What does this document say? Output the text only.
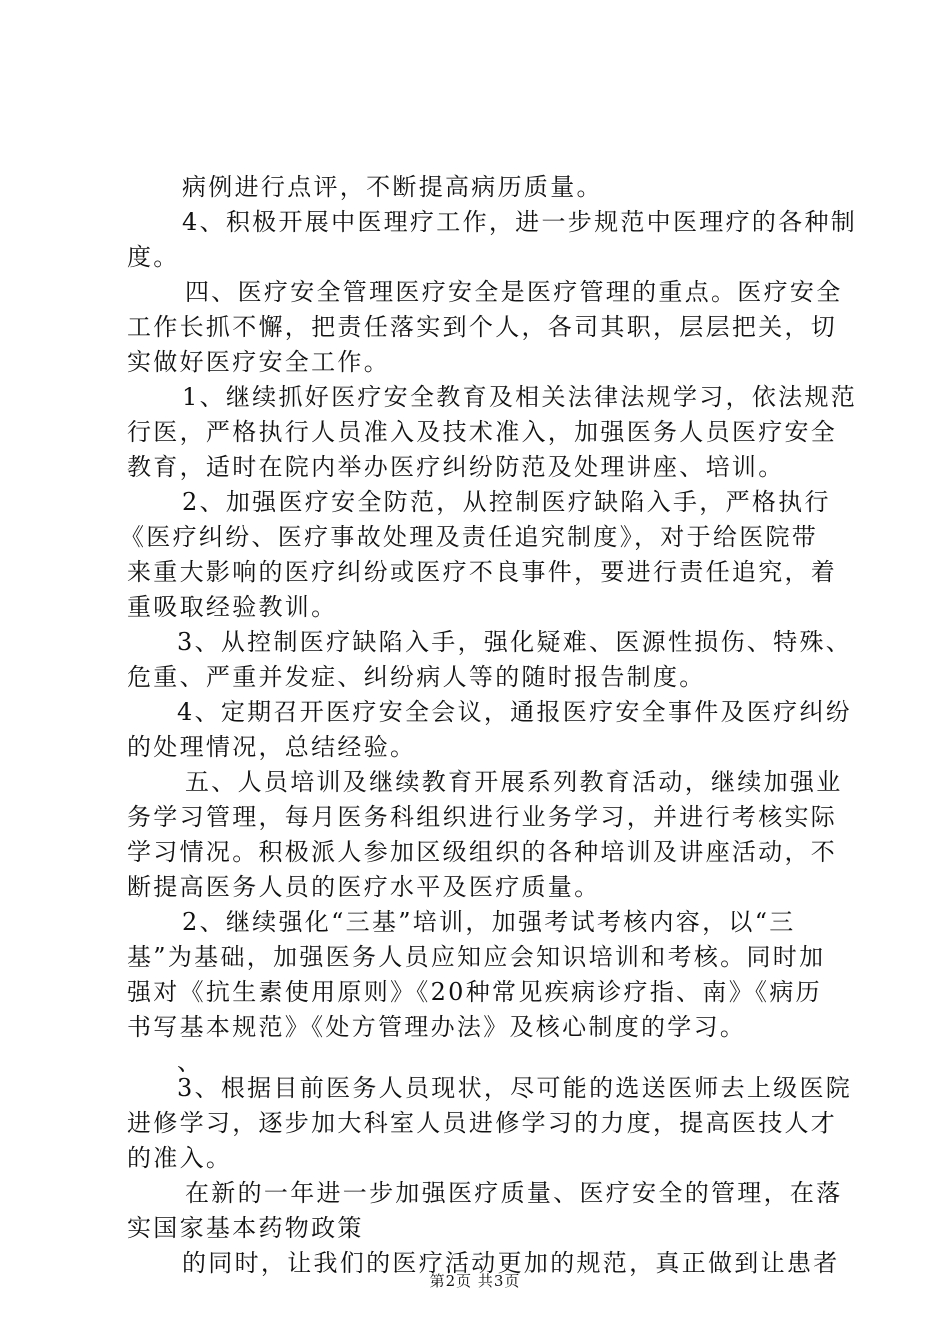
病例进行点评，不断提高病历质量。
4、积极开展中医理疗工作，进一步规范中医理疗的各种制
度。
四、医疗安全管理医疗安全是医疗管理的重点。医疗安全
工作长抓不懈，把责任落实到个人，各司其职，层层把关，切
实做好医疗安全工作。
1、继续抓好医疗安全教育及相关法律法规学习，依法规范
行医，严格执行人员准入及技术准入，加强医务人员医疗安全
教育，适时在院内举办医疗纠纷防范及处理讲座、培训。
2、加强医疗安全防范，从控制医疗缺陷入手，严格执行
《医疗纠纷、医疗事故处理及责任追究制度》，对于给医院带
来重大影响的医疗纠纷或医疗不良事件，要进行责任追究，着
重吸取经验教训。
3、从控制医疗缺陷入手，强化疑难、医源性损伤、特殊、
危重、严重并发症、纠纷病人等的随时报告制度。
4、定期召开医疗安全会议，通报医疗安全事件及医疗纠纷
的处理情况，总结经验。
五、人员培训及继续教育开展系列教育活动，继续加强业
务学习管理，每月医务科组织进行业务学习，并进行考核实际
学习情况。积极派人参加区级组织的各种培训及讲座活动，不
断提高医务人员的医疗水平及医疗质量。
2、继续强化“三基”培训，加强考试考核内容，以“三
基”为基础，加强医务人员应知应会知识培训和考核。同时加
强对《抗生素使用原则》《20种常见疾病诊疗指、南》《病历
书写基本规范》《处方管理办法》及核心制度的学习。
、
3、根据目前医务人员现状，尽可能的选送医师去上级医院
进修学习，逐步加大科室人员进修学习的力度，提高医技人才
的准入。
在新的一年进一步加强医疗质量、医疗安全的管理，在落
实国家基本药物政策
的同时，让我们的医疗活动更加的规范，真正做到让患者
第2页 共3页
